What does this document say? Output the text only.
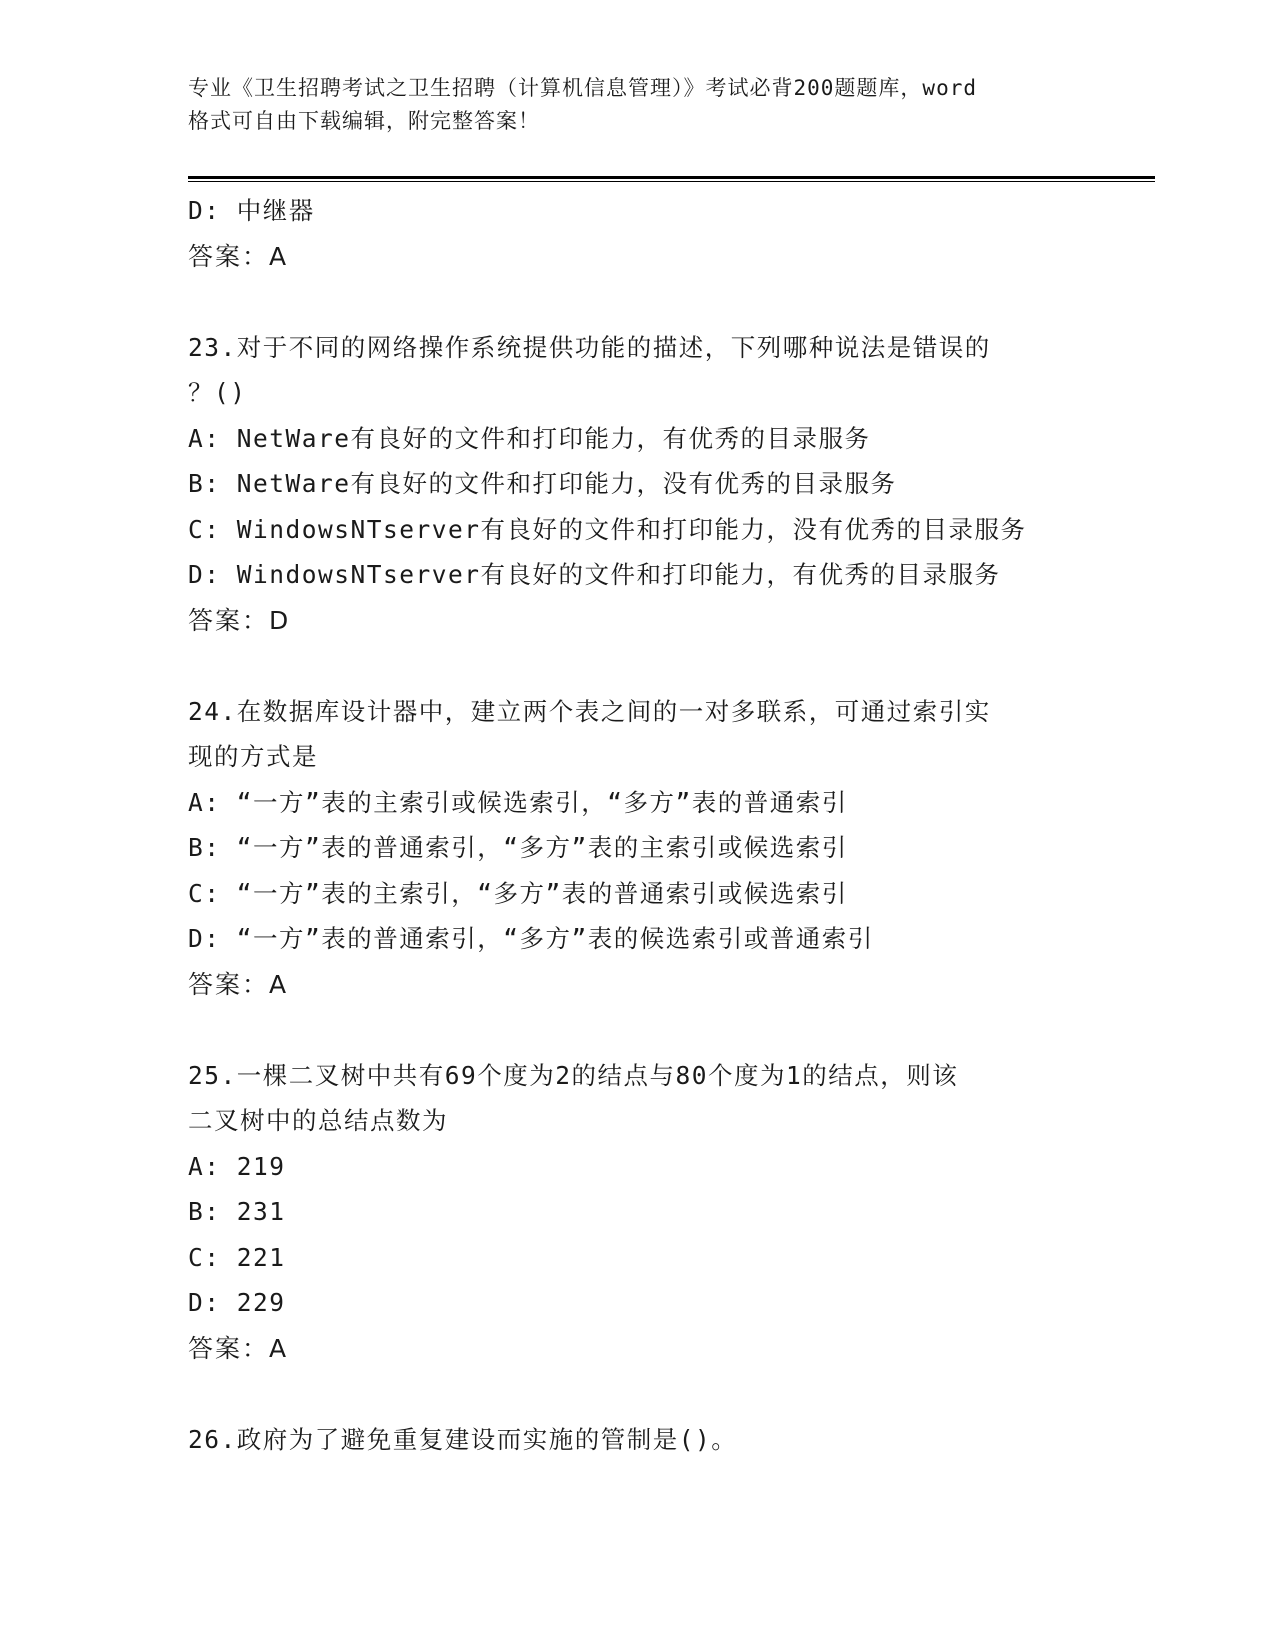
专业《卫生招聘考试之卫生招聘（计算机信息管理）》考试必背200题题库，word
格式可自由下载编辑，附完整答案！
D: 中继器
答案：A
23.对于不同的网络操作系统提供功能的描述，下列哪种说法是错误的
？()
A: NetWare有良好的文件和打印能力，有优秀的目录服务
B: NetWare有良好的文件和打印能力，没有优秀的目录服务
C: WindowsNTserver有良好的文件和打印能力，没有优秀的目录服务
D: WindowsNTserver有良好的文件和打印能力，有优秀的目录服务
答案：D
24.在数据库设计器中，建立两个表之间的一对多联系，可通过索引实
现的方式是
A: “一方”表的主索引或候选索引，“多方”表的普通索引
B: “一方”表的普通索引，“多方”表的主索引或候选索引
C: “一方”表的主索引，“多方”表的普通索引或候选索引
D: “一方”表的普通索引，“多方”表的候选索引或普通索引
答案：A
25.一棵二叉树中共有69个度为2的结点与80个度为1的结点，则该
二叉树中的总结点数为
A: 219
B: 231
C: 221
D: 229
答案：A
26.政府为了避免重复建设而实施的管制是()。
